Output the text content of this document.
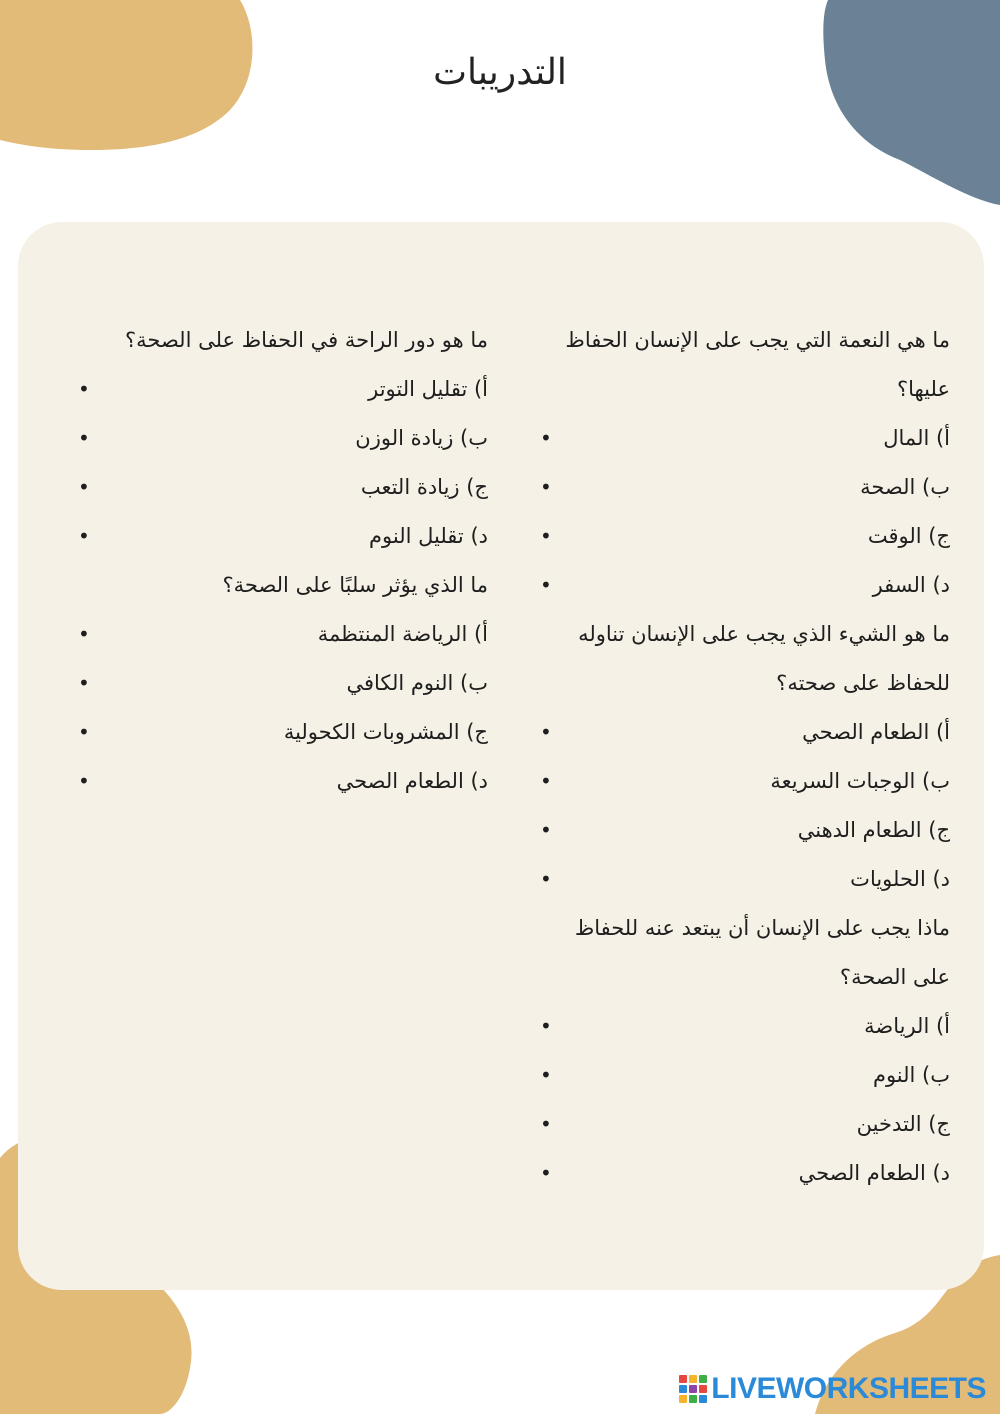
التدريبات
ما هي النعمة التي يجب على الإنسان الحفاظ عليها؟
أ) المال
•
ب) الصحة
•
ج) الوقت
•
د) السفر
•
ما هو الشيء الذي يجب على الإنسان تناوله للحفاظ على صحته؟
أ) الطعام الصحي
•
ب) الوجبات السريعة
•
ج) الطعام الدهني
•
د) الحلويات
•
ماذا يجب على الإنسان أن يبتعد عنه للحفاظ على الصحة؟
أ) الرياضة
•
ب) النوم
•
ج) التدخين
•
د) الطعام الصحي
•
ما هو دور الراحة في الحفاظ على الصحة؟
أ) تقليل التوتر
•
ب) زيادة الوزن
•
ج) زيادة التعب
•
د) تقليل النوم
•
ما الذي يؤثر سلبًا على الصحة؟
أ) الرياضة المنتظمة
•
ب) النوم الكافي
•
ج) المشروبات الكحولية
•
د) الطعام الصحي
•
LIVEWORKSHEETS
